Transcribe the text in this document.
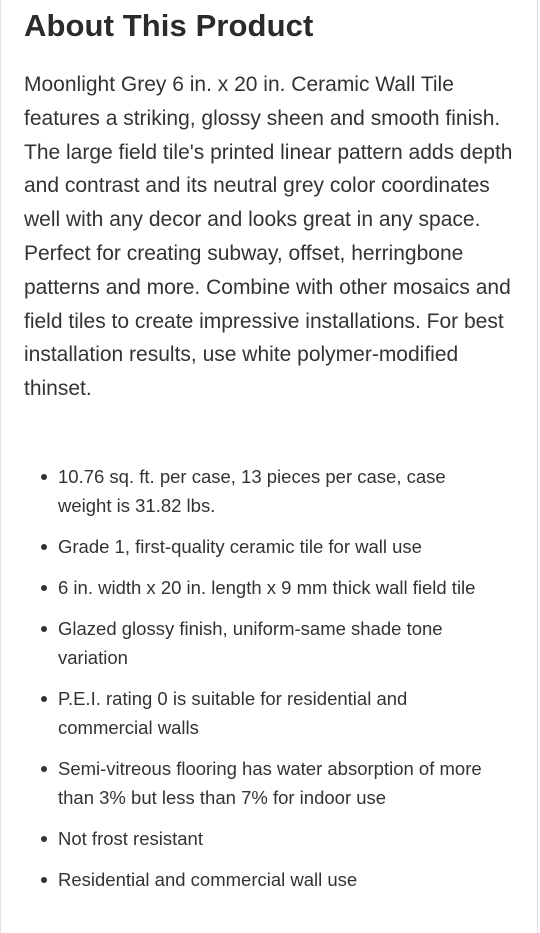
About This Product

Moonlight Grey 6 in. x 20 in. Ceramic Wall Tile features a striking, glossy sheen and smooth finish. The large field tile's printed linear pattern adds depth and contrast and its neutral grey color coordinates well with any decor and looks great in any space. Perfect for creating subway, offset, herringbone patterns and more. Combine with other mosaics and field tiles to create impressive installations. For best installation results, use white polymer-modified thinset.

10.76 sq. ft. per case, 13 pieces per case, case weight is 31.82 lbs.
Grade 1, first-quality ceramic tile for wall use
6 in. width x 20 in. length x 9 mm thick wall field tile
Glazed glossy finish, uniform-same shade tone variation
P.E.I. rating 0 is suitable for residential and commercial walls
Semi-vitreous flooring has water absorption of more than 3% but less than 7% for indoor use
Not frost resistant
Residential and commercial wall use
